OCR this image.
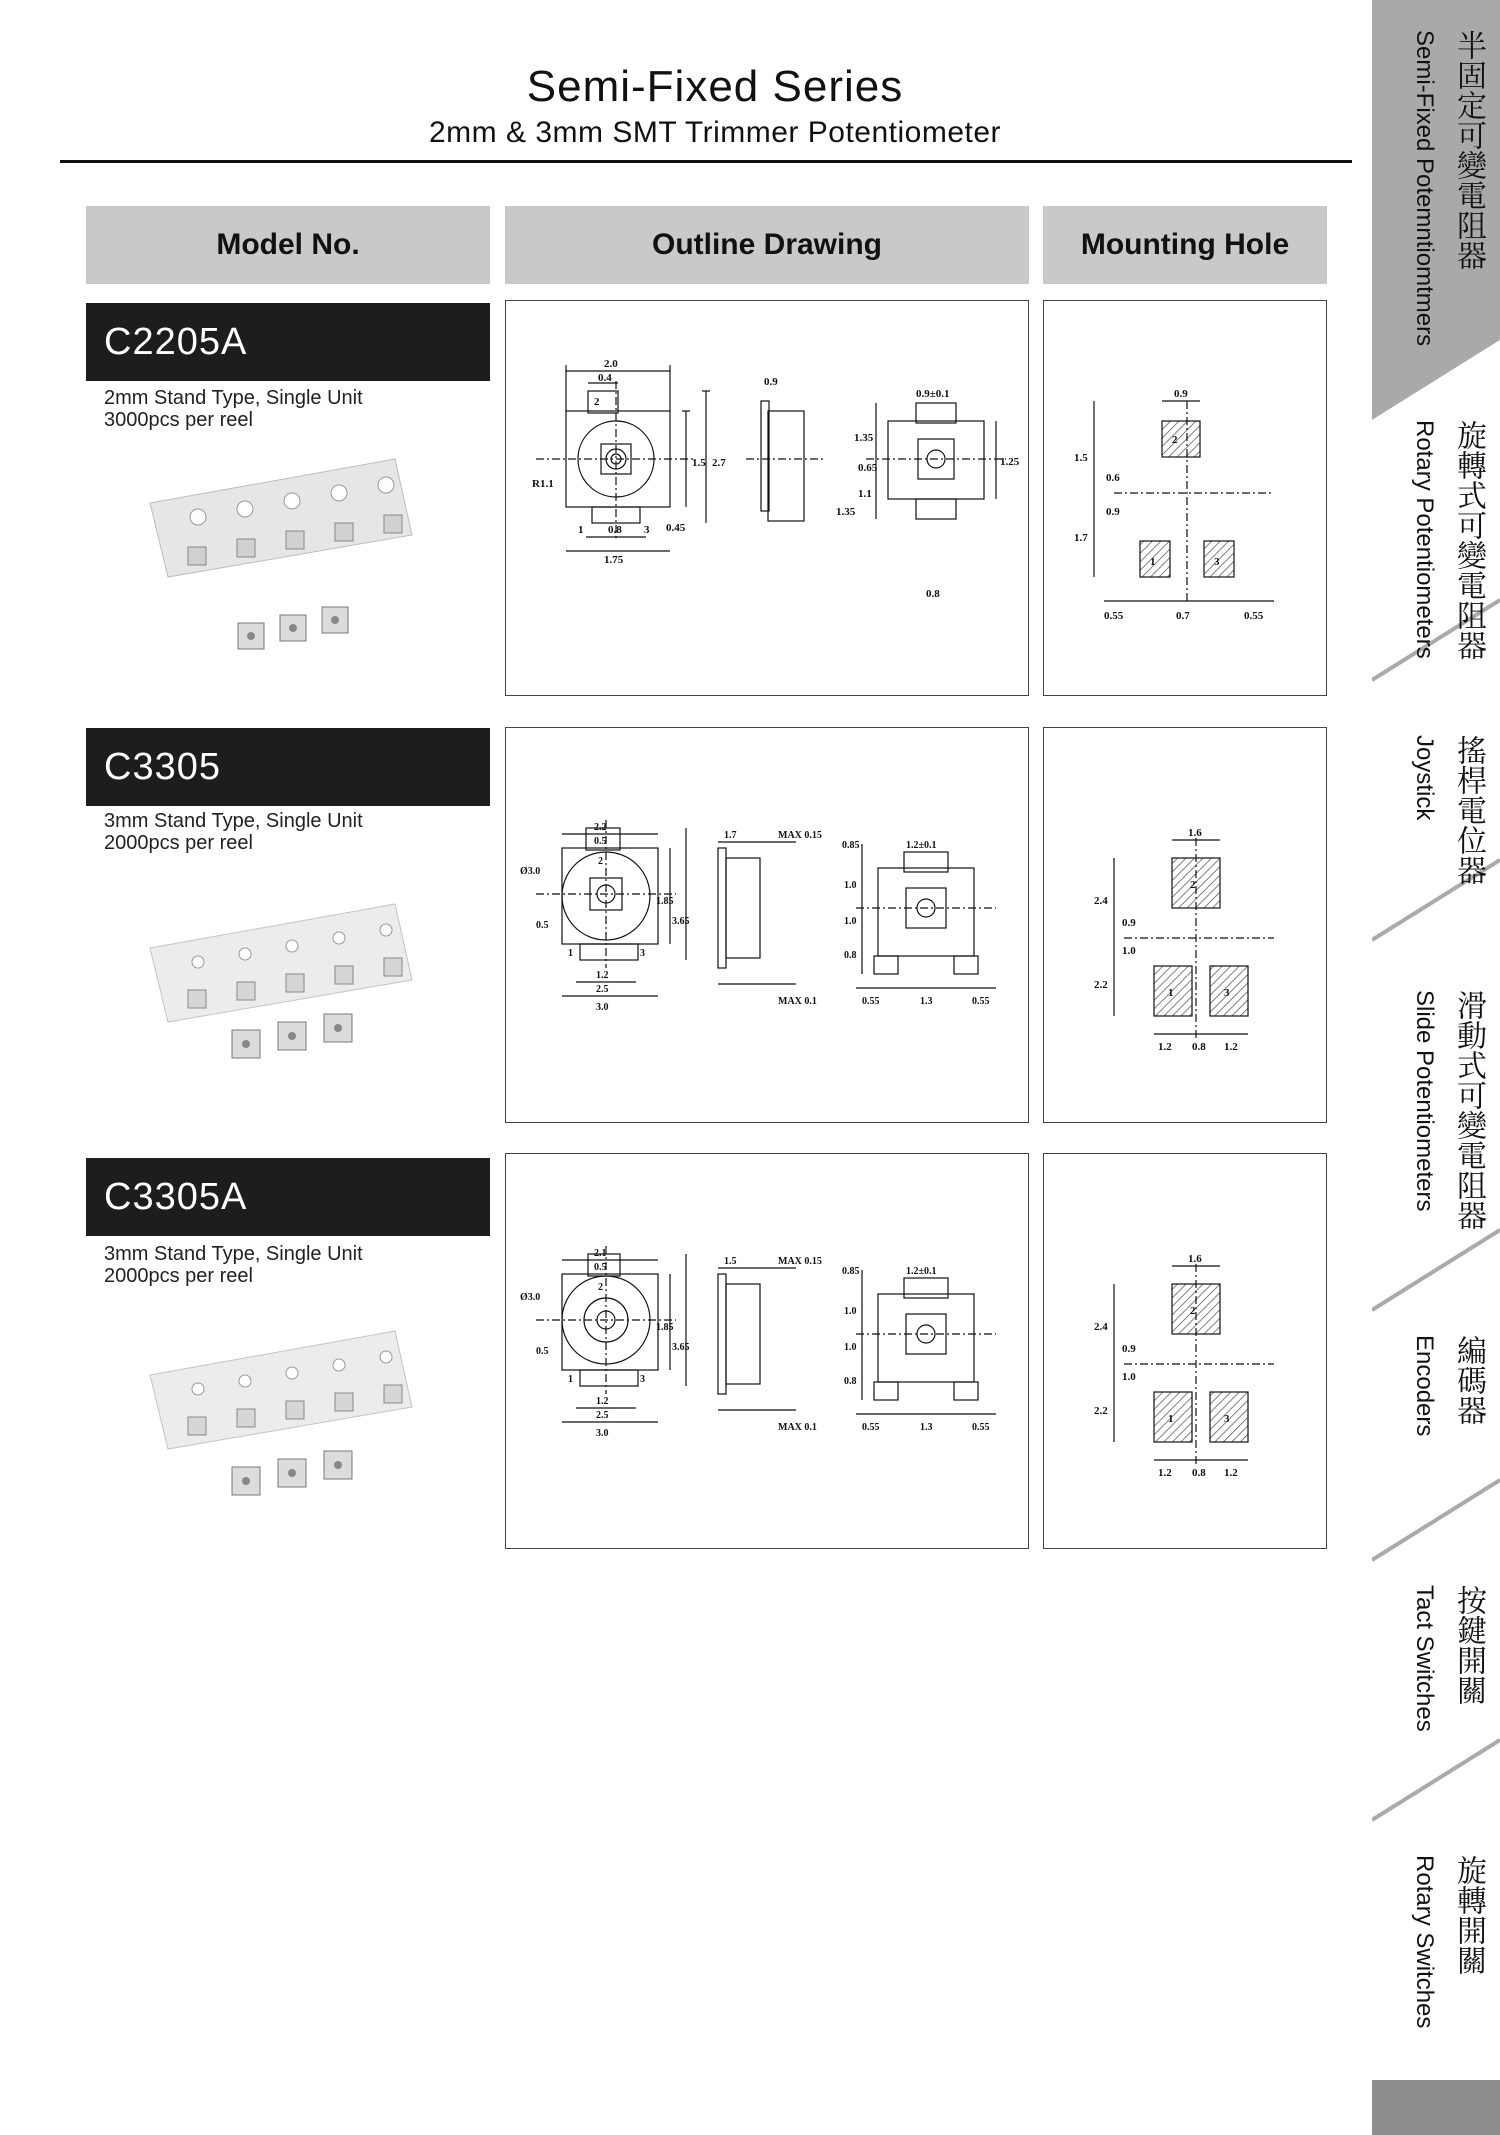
Semi-Fixed Series
2mm & 3mm SMT Trimmer Potentiometer
Model No.	Outline Drawing	Mounting Hole
C2205A
2mm Stand Type, Single Unit
3000pcs per reel
2.0
0.4
2
R1.1
1 0.8 3
1.75
1.5 2.7
0.45
0.9
0.9±0.1
1.35
0.65
1.1
1.35
1.25
0.8
0.9
2
1.5
0.6
0.9
1.7
1	3
0.55	0.7	0.55
C3305
3mm Stand Type, Single Unit
2000pcs per reel
2.2
0.5
Ø3.0
2
1.85
3.65
0.5
1	3
1.2
2.5
3.0
1.7	MAX 0.15
MAX 0.1
0.85	1.2±0.1
1.0
1.0
0.8
0.55	1.3	0.55
1.6
2
2.4
0.9
1.0
2.2
1	3
1.2 0.8 1.2
C3305A
3mm Stand Type, Single Unit
2000pcs per reel
2.1
0.5
Ø3.0
2
1.85
3.65
0.5
1	3
1.2
2.5
3.0
1.5	MAX 0.15
MAX 0.1
0.85	1.2±0.1
1.0
1.0
0.8
0.55	1.3	0.55
1.6
2
2.4
0.9
1.0
2.2
1	3
1.2 0.8 1.2
半固定可變電阻器
Semi-Fixed Potemntiomtmers
旋轉式可變電阻器
Rotary Potentiometers
搖桿電位器
Joystick
滑動式可變電阻器
Slide Potentiometers
編碼器
Encoders
按鍵開關
Tact Switches
旋轉開關
Rotary Switches
